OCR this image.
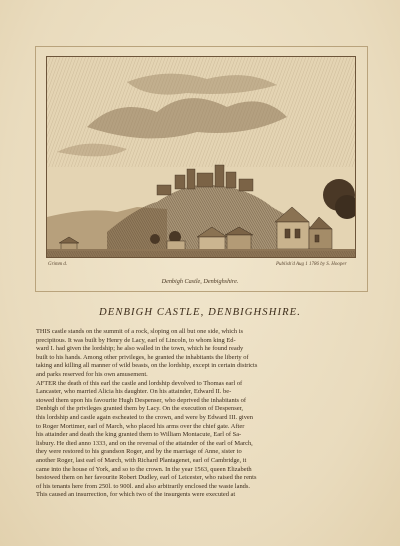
Grimm d.	Publish'd Aug 1 1786 by S. Hooper
Denbigh Castle, Denbighshire.
DENBIGH CASTLE, DENBIGHSHIRE.
THIS castle stands on the summit of a rock, sloping on all but one side, which is
precipitous. It was built by Henry de Lacy, earl of Lincoln, to whom king Ed-
ward I. had given the lordship; he also walled in the town, which he found ready
built to his hands. Among other privileges, he granted the inhabitants the liberty of
taking and killing all manner of wild beasts, on the lordship, except in certain districts
and parks reserved for his own amusement.
AFTER the death of this earl the castle and lordship devolved to Thomas earl of
Lancaster, who married Alicia his daughter. On his attainder, Edward II. be-
stowed them upon his favourite Hugh Despenser, who deprived the inhabitants of
Denbigh of the privileges granted them by Lacy. On the execution of Despenser,
this lordship and castle again escheated to the crown, and were by Edward III. given
to Roger Mortimer, earl of March, who placed his arms over the chief gate. After
his attainder and death the king granted them to William Montacute, Earl of Sa-
lisbury. He died anno 1333, and on the reversal of the attainder of the earl of March,
they were restored to his grandson Roger, and by the marriage of Anne, sister to
another Roger, last earl of March, with Richard Plantagenet, earl of Cambridge, it
came into the house of York, and so to the crown. In the year 1563, queen Elizabeth
bestowed them on her favourite Robert Dudley, earl of Leicester, who raised the rents
of his tenants here from 250l. to 900l. and also arbitrarily enclosed the waste lands.
This caused an insurrection, for which two of the insurgents were executed at
